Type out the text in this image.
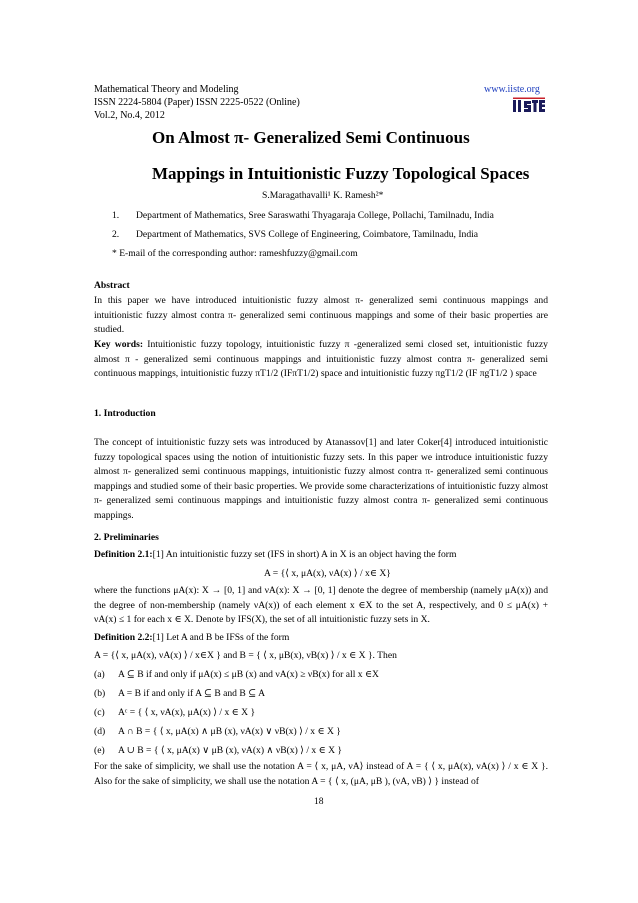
Mathematical Theory and Modeling	www.iiste.org
ISSN 2224-5804 (Paper) ISSN 2225-0522 (Online)
Vol.2, No.4, 2012
On Almost π- Generalized Semi Continuous
Mappings in Intuitionistic Fuzzy Topological Spaces
S.Maragathavalli¹ K. Ramesh²*
1. Department of Mathematics, Sree Saraswathi Thyagaraja College, Pollachi, Tamilnadu, India
2. Department of Mathematics, SVS College of Engineering, Coimbatore, Tamilnadu, India
* E-mail of the corresponding author: rameshfuzzy@gmail.com
Abstract
In this paper we have introduced intuitionistic fuzzy almost π- generalized semi continuous mappings and intuitionistic fuzzy almost contra π- generalized semi continuous mappings and some of their basic properties are studied.
Key words: Intuitionistic fuzzy topology, intuitionistic fuzzy π -generalized semi closed set, intuitionistic fuzzy almost π - generalized semi continuous mappings and intuitionistic fuzzy almost contra π- generalized semi continuous mappings, intuitionistic fuzzy πT1/2 (IFπT1/2) space and intuitionistic fuzzy πgT1/2 (IF πgT1/2 ) space
1. Introduction
The concept of intuitionistic fuzzy sets was introduced by Atanassov[1] and later Coker[4] introduced intuitionistic fuzzy topological spaces using the notion of intuitionistic fuzzy sets. In this paper we introduce intuitionistic fuzzy almost π- generalized semi continuous mappings, intuitionistic fuzzy almost contra π- generalized semi continuous mappings and studied some of their basic properties. We provide some characterizations of intuitionistic fuzzy almost π- generalized semi continuous mappings and intuitionistic fuzzy almost contra π- generalized semi continuous mappings.
2. Preliminaries
Definition 2.1:[1] An intuitionistic fuzzy set (IFS in short) A in X is an object having the form
A = {⟨ x, μA(x), νA(x) ⟩ / x∈ X}
where the functions μA(x): X → [0, 1] and νA(x): X → [0, 1] denote the degree of membership (namely μA(x)) and the degree of non-membership (namely νA(x)) of each element x ∈X to the set A, respectively, and 0 ≤ μA(x) + νA(x) ≤ 1 for each x ∈ X. Denote by IFS(X), the set of all intuitionistic fuzzy sets in X.
Definition 2.2:[1] Let A and B be IFSs of the form
A = {⟨ x, μA(x), νA(x) ⟩ / x∈X } and B = { ⟨ x, μB(x), νB(x) ⟩ / x ∈ X }. Then
(a) A ⊆ B if and only if μA(x) ≤ μB (x) and νA(x) ≥ νB(x) for all x ∈X
(b) A = B if and only if A ⊆ B and B ⊆ A
(c) Aᶜ = { ⟨ x, νA(x), μA(x) ⟩ / x ∈ X }
(d) A ∩ B = { ⟨ x, μA(x) ∧ μB (x), νA(x) ∨ νB(x) ⟩ / x ∈ X }
(e) A ∪ B = { ⟨ x, μA(x) ∨ μB (x), νA(x) ∧ νB(x) ⟩ / x ∈ X }
For the sake of simplicity, we shall use the notation A = ⟨ x, μA, νA⟩ instead of A = { ⟨ x, μA(x), νA(x) ⟩ / x ∈ X }. Also for the sake of simplicity, we shall use the notation A = { ⟨ x, (μA, μB ), (νA, νB) ⟩ } instead of
18
